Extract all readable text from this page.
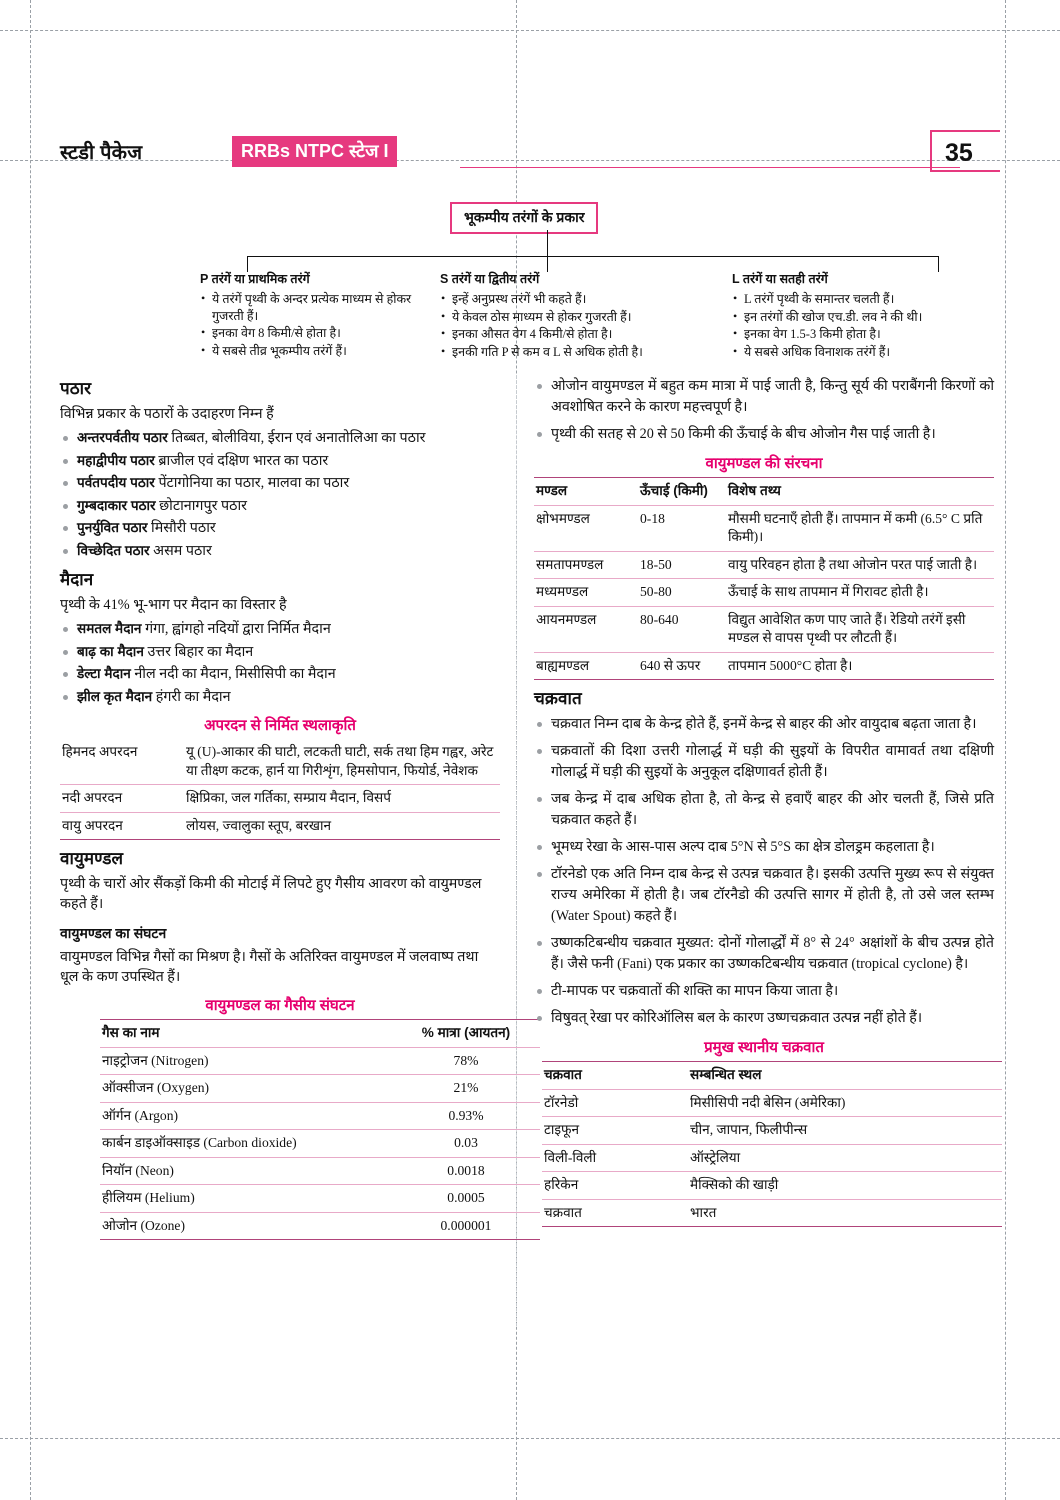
स्टडी पैकेज	RRBs NTPC स्टेज I	35
भूकम्पीय तरंगों के प्रकार
P तरंगें या प्राथमिक तरंगें
• ये तरंगें पृथ्वी के अन्दर प्रत्येक माध्यम से होकर गुजरती हैं।
• इनका वेग 8 किमी/से होता है।
• ये सबसे तीव्र भूकम्पीय तरंगें हैं।
S तरंगें या द्वितीय तरंगें
• इन्हें अनुप्रस्थ तरंगें भी कहते हैं।
• ये केवल ठोस माध्यम से होकर गुजरती हैं।
• इनका औसत वेग 4 किमी/से होता है।
• इनकी गति P से कम व L से अधिक होती है।
L तरंगें या सतही तरंगें
• L तरंगें पृथ्वी के समान्तर चलती हैं।
• इन तरंगों की खोज एच.डी. लव ने की थी।
• इनका वेग 1.5-3 किमी होता है।
• ये सबसे अधिक विनाशक तरंगें हैं।
पठार

विभिन्न प्रकार के पठारों के उदाहरण निम्न हैं

अन्तरपर्वतीय पठार तिब्बत, बोलीविया, ईरान एवं अनातोलिआ का पठार
महाद्वीपीय पठार ब्राजील एवं दक्षिण भारत का पठार
पर्वतपदीय पठार पेंटागोनिया का पठार, मालवा का पठार
गुम्बदाकार पठार छोटानागपुर पठार
पुनर्युवित पठार मिसौरी पठार
विच्छेदित पठार असम पठार
मैदान

पृथ्वी के 41% भू-भाग पर मैदान का विस्तार है

समतल मैदान गंगा, ह्वांगहो नदियों द्वारा निर्मित मैदान
बाढ़ का मैदान उत्तर बिहार का मैदान
डेल्टा मैदान नील नदी का मैदान, मिसीसिपी का मैदान
झील कृत मैदान हंगरी का मैदान
अपरदन से निर्मित स्थलाकृति
हिमनद अपरदन	यू (U)-आकार की घाटी, लटकती घाटी, सर्क तथा हिम गह्वर, अरेट या तीक्ष्ण कटक, हार्न या गिरीशृंग, हिमसोपान, फियोर्ड, नेवेशक
नदी अपरदन	क्षिप्रिका, जल गर्तिका, सम्प्राय मैदान, विसर्प
वायु अपरदन	लोयस, ज्वालुका स्तूप, बरखान
वायुमण्डल

पृथ्वी के चारों ओर सैंकड़ों किमी की मोटाई में लिपटे हुए गैसीय आवरण को वायुमण्डल कहते हैं।

वायुमण्डल का संघटन

वायुमण्डल विभिन्न गैसों का मिश्रण है। गैसों के अतिरिक्त वायुमण्डल में जलवाष्प तथा धूल के कण उपस्थित हैं।

वायुमण्डल का गैसीय संघटन
गैस का नाम	% मात्रा (आयतन)
नाइट्रोजन (Nitrogen)	78%
ऑक्सीजन (Oxygen)	21%
ऑर्गन (Argon)	0.93%
कार्बन डाइऑक्साइड (Carbon dioxide)	0.03
नियॉन (Neon)	0.0018
हीलियम (Helium)	0.0005
ओजोन (Ozone)	0.000001
ओजोन वायुमण्डल में बहुत कम मात्रा में पाई जाती है, किन्तु सूर्य की पराबैंगनी किरणों को अवशोषित करने के कारण महत्त्वपूर्ण है।
पृथ्वी की सतह से 20 से 50 किमी की ऊँचाई के बीच ओजोन गैस पाई जाती है।
वायुमण्डल की संरचना
मण्डल	ऊँचाई (किमी)	विशेष तथ्य
क्षोभमण्डल	0-18	मौसमी घटनाएँ होती हैं। तापमान में कमी (6.5° C प्रति किमी)।
समतापमण्डल	18-50	वायु परिवहन होता है तथा ओजोन परत पाई जाती है।
मध्यमण्डल	50-80	ऊँचाई के साथ तापमान में गिरावट होती है।
आयनमण्डल	80-640	विद्युत आवेशित कण पाए जाते हैं। रेडियो तरंगें इसी मण्डल से वापस पृथ्वी पर लौटती हैं।
बाह्यमण्डल	640 से ऊपर	तापमान 5000°C होता है।
चक्रवात
चक्रवात निम्न दाब के केन्द्र होते हैं, इनमें केन्द्र से बाहर की ओर वायुदाब बढ़ता जाता है।
चक्रवातों की दिशा उत्तरी गोलार्द्ध में घड़ी की सुइयों के विपरीत वामावर्त तथा दक्षिणी गोलार्द्ध में घड़ी की सुइयों के अनुकूल दक्षिणावर्त होती हैं।
जब केन्द्र में दाब अधिक होता है, तो केन्द्र से हवाएँ बाहर की ओर चलती हैं, जिसे प्रति चक्रवात कहते हैं।
भूमध्य रेखा के आस-पास अल्प दाब 5°N से 5°S का क्षेत्र डोलड्रम कहलाता है।
टॉरनेडो एक अति निम्न दाब केन्द्र से उत्पन्न चक्रवात है। इसकी उत्पत्ति मुख्य रूप से संयुक्त राज्य अमेरिका में होती है। जब टॉरनैडो की उत्पत्ति सागर में होती है, तो उसे जल स्तम्भ (Water Spout) कहते हैं।
उष्णकटिबन्धीय चक्रवात मुख्यत: दोनों गोलार्द्धों में 8° से 24° अक्षांशों के बीच उत्पन्न होते हैं। जैसे फनी (Fani) एक प्रकार का उष्णकटिबन्धीय चक्रवात (tropical cyclone) है।
टी-मापक पर चक्रवातों की शक्ति का मापन किया जाता है।
विषुवत् रेखा पर कोरिऑलिस बल के कारण उष्णचक्रवात उत्पन्न नहीं होते हैं।
प्रमुख स्थानीय चक्रवात
चक्रवात	सम्बन्धित स्थल
टॉरनेडो	मिसीसिपी नदी बेसिन (अमेरिका)
टाइफून	चीन, जापान, फिलीपीन्स
विली-विली	ऑस्ट्रेलिया
हरिकेन	मैक्सिको की खाड़ी
चक्रवात	भारत
